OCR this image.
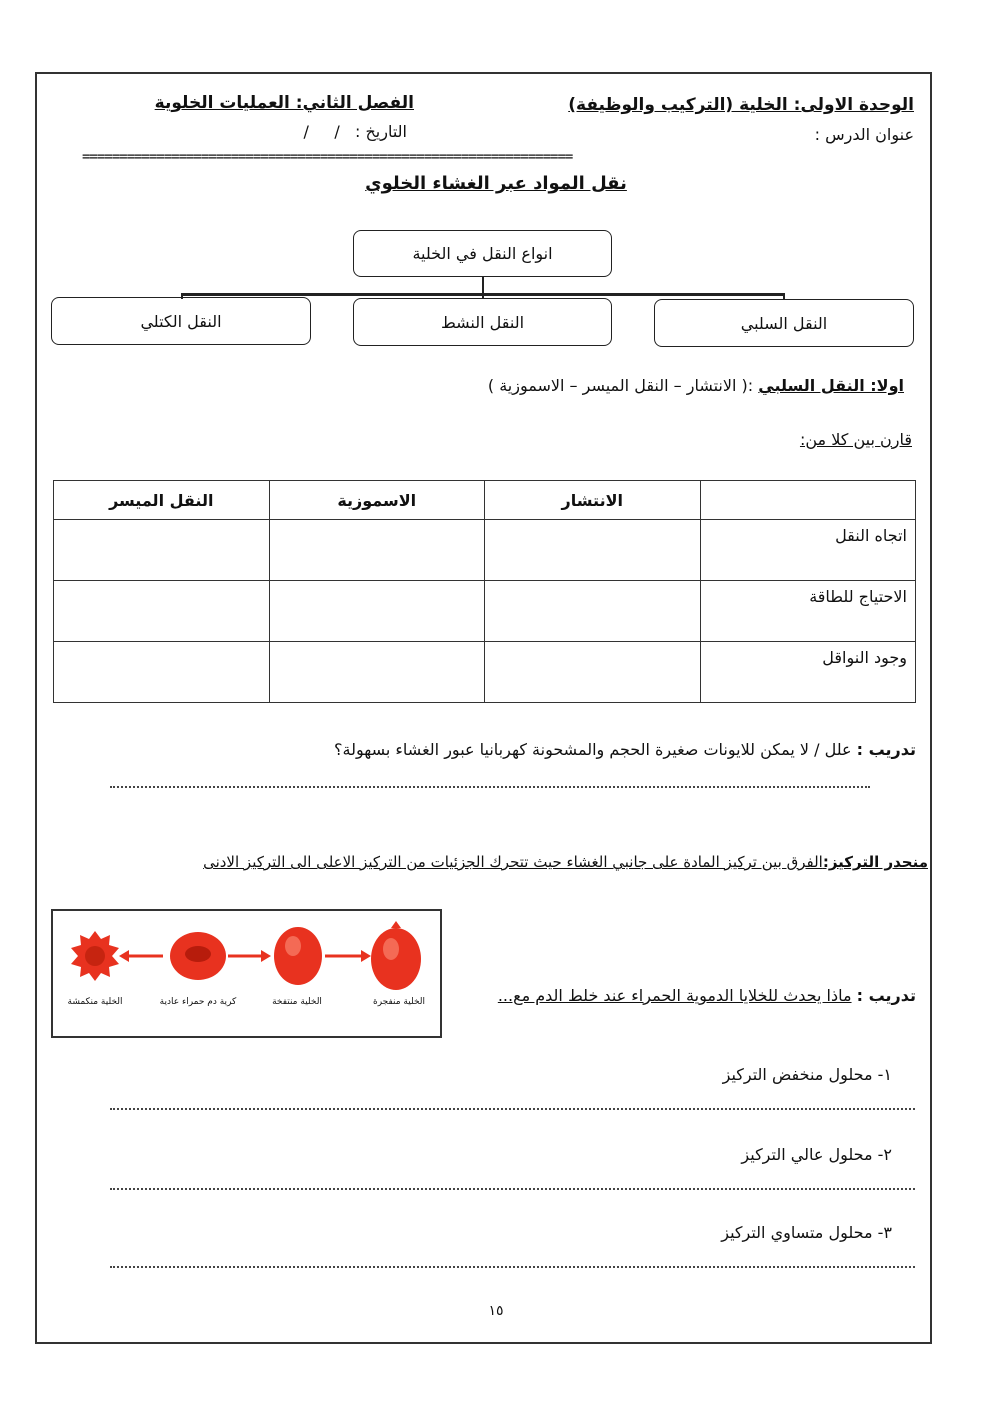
الوحدة الاولى: الخلية (التركيب والوظيفة)
الفصل الثاني: العمليات الخلوية
عنوان الدرس :
التاريخ :   /     /
==================================================================
نقل المواد عبر الغشاء الخلوي
انواع النقل في الخلية
النقل السلبي
النقل النشط
النقل الكتلي
اولا: النقل السلبي :( الانتشار – النقل الميسر – الاسموزية )
قارن بين كلا من:
	الانتشار	الاسموزية	النقل الميسر
اتجاه النقل			
الاحتياج للطاقة			
وجود النواقل			
تدريب : علل / لا يمكن للايونات صغيرة الحجم والمشحونة كهربانيا عبور الغشاء بسهولة؟
منحدر التركيز:الفرق بين تركيز المادة على جانبي الغشاء حيث تتحرك الجزئيات من التركيز الاعلى الى التركيز الادنى
الخلية منفجرة
الخلية منتفخة
كرية دم حمراء عادية
الخلية منكمشة	تدريب : ماذا يحدث للخلايا الدموية الحمراء عند خلط الدم مع...
١- محلول منخفض التركيز
٢- محلول عالي التركيز
٣- محلول متساوي التركيز
١٥
